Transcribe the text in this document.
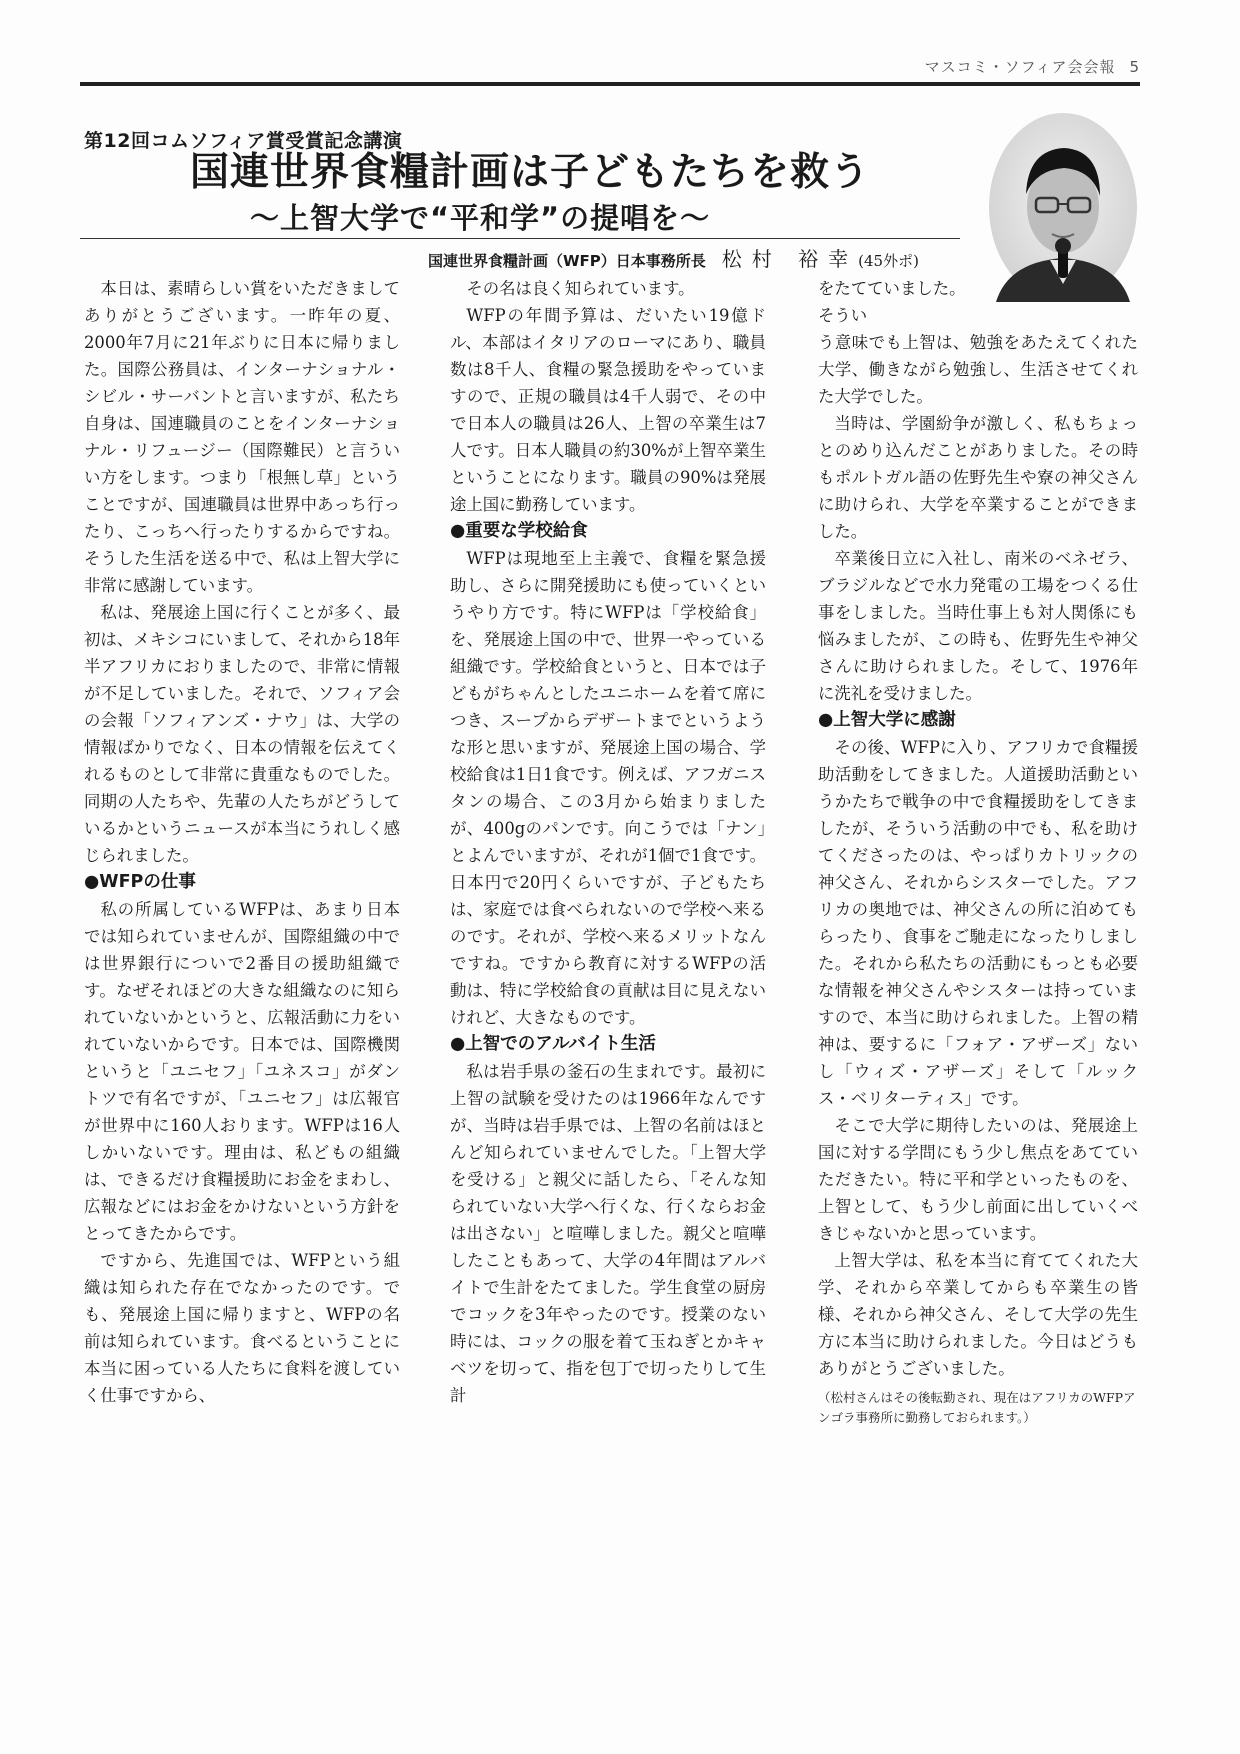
マスコミ・ソフィア会会報 5
第12回コムソフィア賞受賞記念講演
国連世界食糧計画は子どもたちを救う
～上智大学で“平和学”の提唱を～
国連世界食糧計画（WFP）日本事務所長 松村 裕幸(45外ポ)

本日は、素晴らしい賞をいただきましてありがとうございます。一昨年の夏、2000年7月に21年ぶりに日本に帰りました。国際公務員は、インターナショナル・シビル・サーバントと言いますが、私たち自身は、国連職員のことをインターナショナル・リフュージー（国際難民）と言ういい方をします。つまり「根無し草」ということですが、国連職員は世界中あっち行ったり、こっちへ行ったりするからですね。そうした生活を送る中で、私は上智大学に非常に感謝しています。

私は、発展途上国に行くことが多く、最初は、メキシコにいまして、それから18年半アフリカにおりましたので、非常に情報が不足していました。それで、ソフィア会の会報「ソフィアンズ・ナウ」は、大学の情報ばかりでなく、日本の情報を伝えてくれるものとして非常に貴重なものでした。同期の人たちや、先輩の人たちがどうしているかというニュースが本当にうれしく感じられました。

●WFPの仕事

私の所属しているWFPは、あまり日本では知られていませんが、国際組織の中では世界銀行についで2番目の援助組織です。なぜそれほどの大きな組織なのに知られていないかというと、広報活動に力をいれていないからです。日本では、国際機関というと「ユニセフ」「ユネスコ」がダントツで有名ですが、「ユニセフ」は広報官が世界中に160人おります。WFPは16人しかいないです。理由は、私どもの組織は、できるだけ食糧援助にお金をまわし、広報などにはお金をかけないという方針をとってきたからです。

ですから、先進国では、WFPという組織は知られた存在でなかったのです。でも、発展途上国に帰りますと、WFPの名前は知られています。食べるということに本当に困っている人たちに食料を渡していく仕事ですから、

その名は良く知られています。

WFPの年間予算は、だいたい19億ドル、本部はイタリアのローマにあり、職員数は8千人、食糧の緊急援助をやっていますので、正規の職員は4千人弱で、その中で日本人の職員は26人、上智の卒業生は7人です。日本人職員の約30%が上智卒業生ということになります。職員の90%は発展途上国に勤務しています。

●重要な学校給食

WFPは現地至上主義で、食糧を緊急援助し、さらに開発援助にも使っていくというやり方です。特にWFPは「学校給食」を、発展途上国の中で、世界一やっている組織です。学校給食というと、日本では子どもがちゃんとしたユニホームを着て席につき、スープからデザートまでというような形と思いますが、発展途上国の場合、学校給食は1日1食です。例えば、アフガニスタンの場合、この3月から始まりましたが、400gのパンです。向こうでは「ナン」とよんでいますが、それが1個で1食です。日本円で20円くらいですが、子どもたちは、家庭では食べられないので学校へ来るのです。それが、学校へ来るメリットなんですね。ですから教育に対するWFPの活動は、特に学校給食の貢献は目に見えないけれど、大きなものです。

●上智でのアルバイト生活

私は岩手県の釜石の生まれです。最初に上智の試験を受けたのは1966年なんですが、当時は岩手県では、上智の名前はほとんど知られていませんでした。「上智大学を受ける」と親父に話したら、「そんな知られていない大学へ行くな、行くならお金は出さない」と喧嘩しました。親父と喧嘩したこともあって、大学の4年間はアルバイトで生計をたてました。学生食堂の厨房でコックを3年やったのです。授業のない時には、コックの服を着て玉ねぎとかキャベツを切って、指を包丁で切ったりして生計

をたてていました。そうい

う意味でも上智は、勉強をあたえてくれた大学、働きながら勉強し、生活させてくれた大学でした。

当時は、学園紛争が激しく、私もちょっとのめり込んだことがありました。その時もポルトガル語の佐野先生や寮の神父さんに助けられ、大学を卒業することができました。

卒業後日立に入社し、南米のベネゼラ、ブラジルなどで水力発電の工場をつくる仕事をしました。当時仕事上も対人関係にも悩みましたが、この時も、佐野先生や神父さんに助けられました。そして、1976年に洗礼を受けました。

●上智大学に感謝

その後、WFPに入り、アフリカで食糧援助活動をしてきました。人道援助活動というかたちで戦争の中で食糧援助をしてきましたが、そういう活動の中でも、私を助けてくださったのは、やっぱりカトリックの神父さん、それからシスターでした。アフリカの奥地では、神父さんの所に泊めてもらったり、食事をご馳走になったりしました。それから私たちの活動にもっとも必要な情報を神父さんやシスターは持っていますので、本当に助けられました。上智の精神は、要するに「フォア・アザーズ」ないし「ウィズ・アザーズ」そして「ルックス・ベリターティス」です。

そこで大学に期待したいのは、発展途上国に対する学問にもう少し焦点をあてていただきたい。特に平和学といったものを、上智として、もう少し前面に出していくべきじゃないかと思っています。

上智大学は、私を本当に育ててくれた大学、それから卒業してからも卒業生の皆様、それから神父さん、そして大学の先生方に本当に助けられました。今日はどうもありがとうございました。

（松村さんはその後転勤され、現在はアフリカのWFPアンゴラ事務所に勤務しておられます。）
